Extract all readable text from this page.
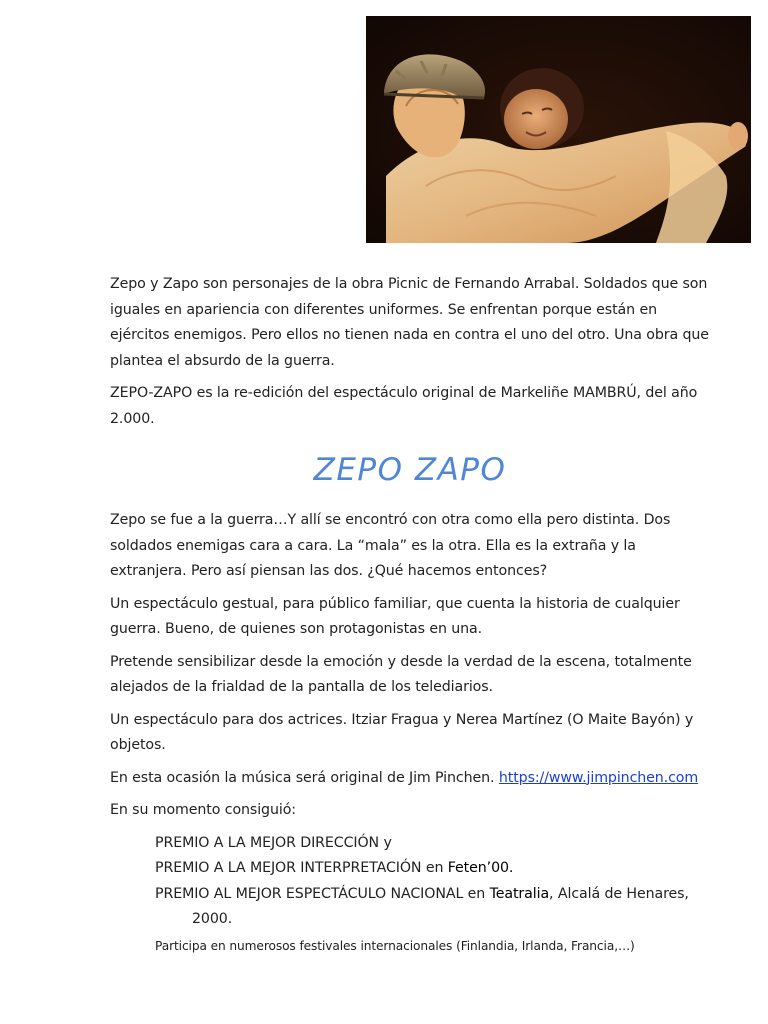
Zepo y Zapo son personajes de la obra Picnic de Fernando Arrabal. Soldados que son iguales en apariencia con diferentes uniformes. Se enfrentan porque están en ejércitos enemigos. Pero ellos no tienen nada en contra el uno del otro. Una obra que plantea el absurdo de la guerra.

ZEPO-ZAPO es la re-edición del espectáculo original de Markeliñe MAMBRÚ, del año 2.000.

ZEPO ZAPO

Zepo se fue a la guerra…Y allí se encontró con otra como ella pero distinta. Dos soldados enemigas cara a cara. La “mala” es la otra. Ella es la extraña y la extranjera. Pero así piensan las dos. ¿Qué hacemos entonces?

Un espectáculo gestual, para público familiar, que cuenta la historia de cualquier guerra. Bueno, de quienes son protagonistas en una.

Pretende sensibilizar desde la emoción y desde la verdad de la escena, totalmente alejados de la frialdad de la pantalla de los telediarios.

Un espectáculo para dos actrices. Itziar Fragua y Nerea Martínez (O Maite Bayón) y objetos.

En esta ocasión la música será original de Jim Pinchen. https://www.jimpinchen.com

En su momento consiguió:

PREMIO A LA MEJOR DIRECCIÓN y

PREMIO A LA MEJOR INTERPRETACIÓN en Feten’00.

PREMIO AL MEJOR ESPECTÁCULO NACIONAL en Teatralia, Alcalá de Henares,
2000.

Participa en numerosos festivales internacionales (Finlandia, Irlanda, Francia,…)
